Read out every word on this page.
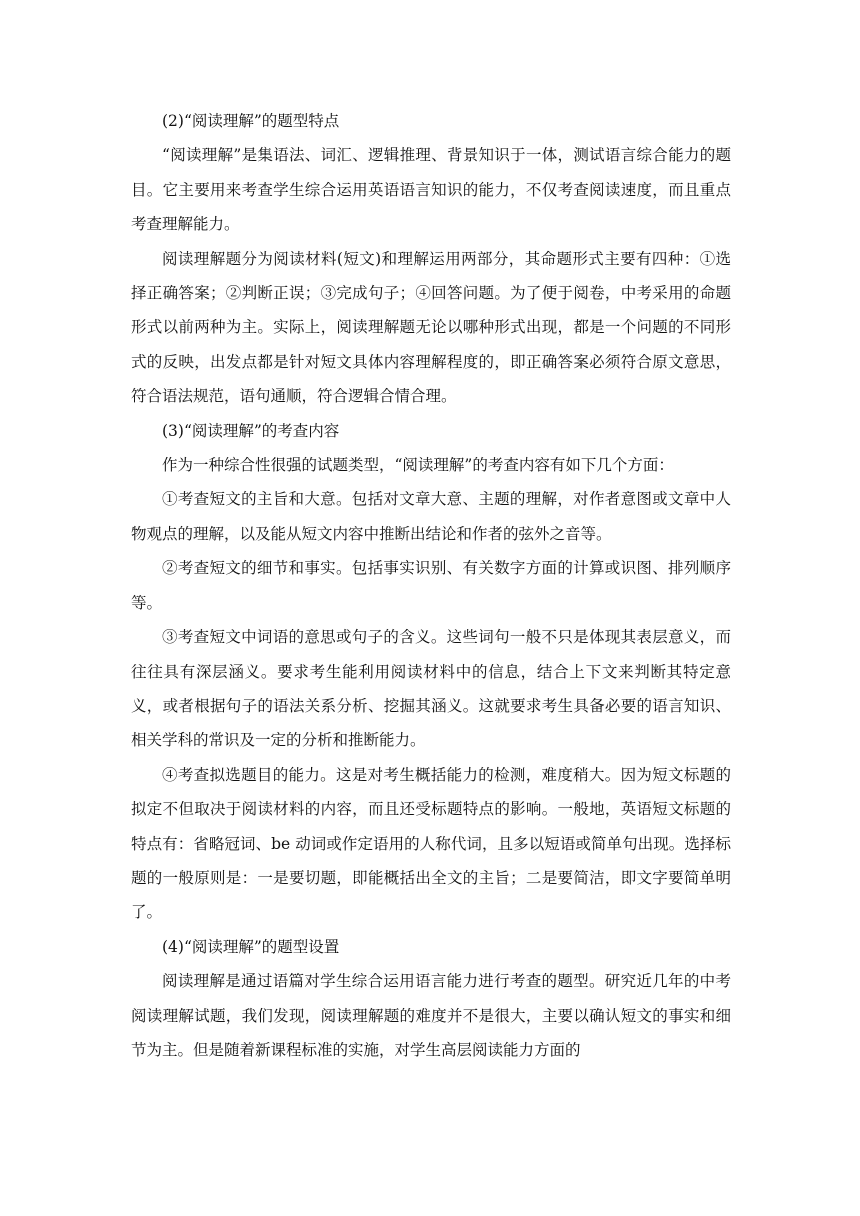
(2)“阅读理解”的题型特点

“阅读理解”是集语法、词汇、逻辑推理、背景知识于一体，测试语言综合能力的题目。它主要用来考查学生综合运用英语语言知识的能力，不仅考查阅读速度，而且重点考查理解能力。

阅读理解题分为阅读材料(短文)和理解运用两部分，其命题形式主要有四种：①选择正确答案；②判断正误；③完成句子；④回答问题。为了便于阅卷，中考采用的命题形式以前两种为主。实际上，阅读理解题无论以哪种形式出现，都是一个问题的不同形式的反映，出发点都是针对短文具体内容理解程度的，即正确答案必须符合原文意思，符合语法规范，语句通顺，符合逻辑合情合理。

(3)“阅读理解”的考查内容

作为一种综合性很强的试题类型，“阅读理解”的考查内容有如下几个方面：

①考查短文的主旨和大意。包括对文章大意、主题的理解，对作者意图或文章中人物观点的理解，以及能从短文内容中推断出结论和作者的弦外之音等。

②考查短文的细节和事实。包括事实识别、有关数字方面的计算或识图、排列顺序等。

③考查短文中词语的意思或句子的含义。这些词句一般不只是体现其表层意义，而往往具有深层涵义。要求考生能利用阅读材料中的信息，结合上下文来判断其特定意义，或者根据句子的语法关系分析、挖掘其涵义。这就要求考生具备必要的语言知识、相关学科的常识及一定的分析和推断能力。

④考查拟选题目的能力。这是对考生概括能力的检测，难度稍大。因为短文标题的拟定不但取决于阅读材料的内容，而且还受标题特点的影响。一般地，英语短文标题的特点有：省略冠词、be 动词或作定语用的人称代词，且多以短语或简单句出现。选择标题的一般原则是：一是要切题，即能概括出全文的主旨；二是要简洁，即文字要简单明了。

(4)“阅读理解”的题型设置

阅读理解是通过语篇对学生综合运用语言能力进行考查的题型。研究近几年的中考阅读理解试题，我们发现，阅读理解题的难度并不是很大，主要以确认短文的事实和细节为主。但是随着新课程标准的实施，对学生高层阅读能力方面的
